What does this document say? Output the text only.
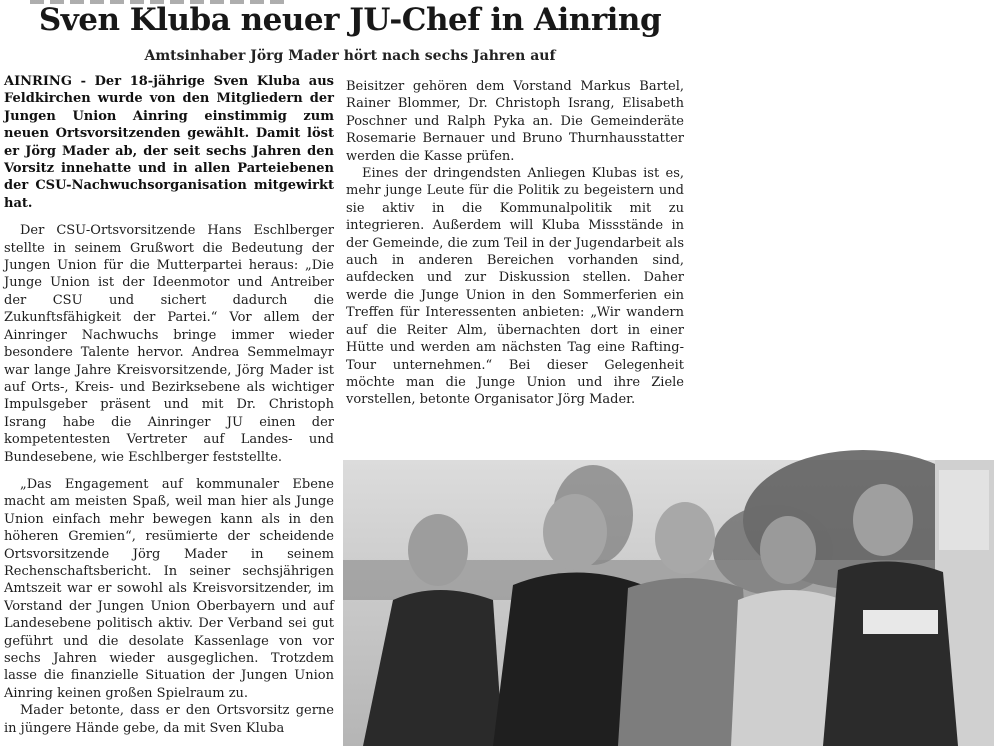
Sven Kluba neuer JU-Chef in Ainring
Amtsinhaber Jörg Mader hört nach sechs Jahren auf

AINRING - Der 18-jährige Sven Kluba aus Feldkirchen wurde von den Mitgliedern der Jungen Union Ainring einstimmig zum neuen Ortsvorsitzenden gewählt. Damit löst er Jörg Mader ab, der seit sechs Jahren den Vorsitz innehatte und in allen Parteiebenen der CSU-Nachwuchsorganisation mitgewirkt hat.

Der CSU-Ortsvorsitzende Hans Eschlberger stellte in seinem Grußwort die Bedeutung der Jungen Union für die Mutterpartei heraus: „Die Junge Union ist der Ideenmotor und Antreiber der CSU und sichert dadurch die Zukunftsfähigkeit der Partei.“ Vor allem der Ainringer Nachwuchs bringe immer wieder besondere Talente hervor. Andrea Semmelmayr war lange Jahre Kreisvorsitzende, Jörg Mader ist auf Orts-, Kreis- und Bezirksebene als wichtiger Impulsgeber präsent und mit Dr. Christoph Israng habe die Ainringer JU einen der kompetentesten Vertreter auf Landes- und Bundesebene, wie Eschlberger feststellte.

„Das Engagement auf kommunaler Ebene macht am meisten Spaß, weil man hier als Junge Union einfach mehr bewegen kann als in den höheren Gremien“, resümierte der scheidende Ortsvorsitzende Jörg Mader in seinem Rechenschaftsbericht. In seiner sechsjährigen Amtszeit war er sowohl als Kreisvorsitzender, im Vorstand der Jungen Union Oberbayern und auf Landesebene politisch aktiv. Der Verband sei gut geführt und die desolate Kassenlage von vor sechs Jahren wieder ausgeglichen. Trotzdem lasse die finanzielle Situation der Jungen Union Ainring keinen großen Spielraum zu.

Mader betonte, dass er den Ortsvorsitz gerne in jüngere Hände gebe, da mit Sven Kluba

Beisitzer gehören dem Vorstand Markus Bartel, Rainer Blommer, Dr. Christoph Israng, Elisabeth Poschner und Ralph Pyka an. Die Gemeinderäte Rosemarie Bernauer und Bruno Thurnhausstatter werden die Kasse prüfen.

Eines der dringendsten Anliegen Klubas ist es, mehr junge Leute für die Politik zu begeistern und sie aktiv in die Kommunalpolitik mit zu integrieren. Außerdem will Kluba Missstände in der Gemeinde, die zum Teil in der Jugendarbeit als auch in anderen Bereichen vorhanden sind, aufdecken und zur Diskussion stellen. Daher werde die Junge Union in den Sommerferien ein Treffen für Interessenten anbieten: „Wir wandern auf die Reiter Alm, übernachten dort in einer Hütte und werden am nächsten Tag eine Rafting-Tour unternehmen.“ Bei dieser Gelegenheit möchte man die Junge Union und ihre Ziele vorstellen, betonte Organisator Jörg Mader.
